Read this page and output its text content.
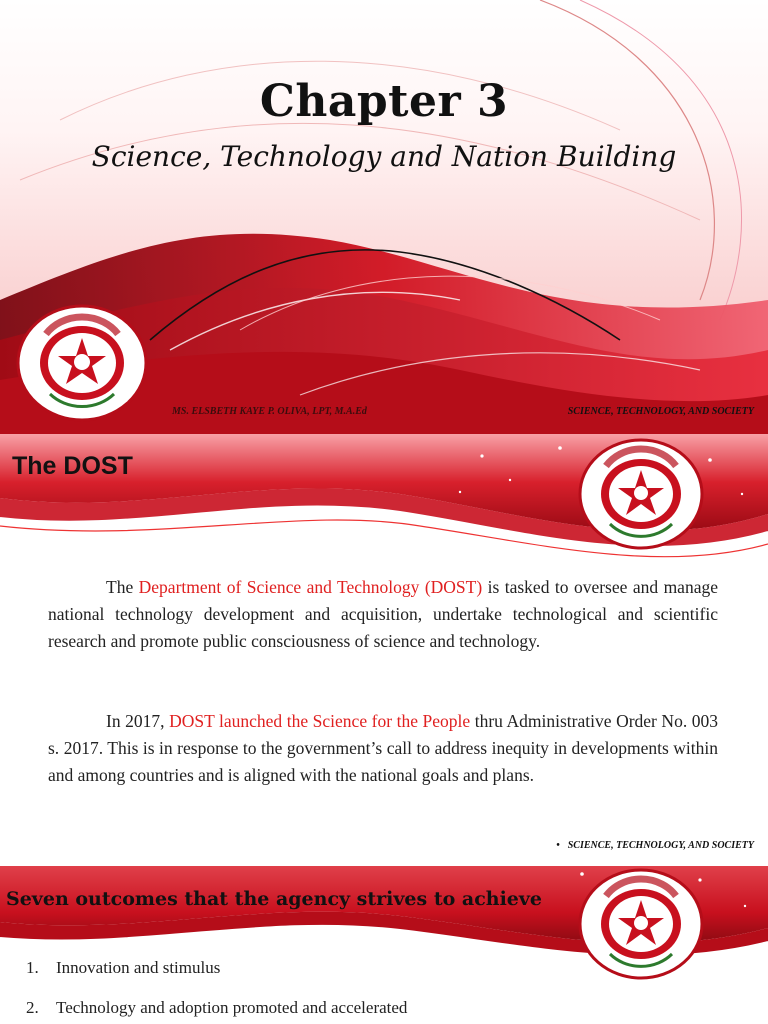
Chapter 3
Science, Technology and Nation Building
MS. ELSBETH KAYE P. OLIVA, LPT, M.A.Ed	SCIENCE, TECHNOLOGY, AND SOCIETY
The DOST
The Department of Science and Technology (DOST) is tasked to oversee and manage national technology development and acquisition, undertake technological and scientific research and promote public consciousness of science and technology.
In 2017, DOST launched the Science for the People thru Administrative Order No. 003 s. 2017. This is in response to the government’s call to address inequity in developments within and among countries and is aligned with the national goals and plans.
• SCIENCE, TECHNOLOGY, AND SOCIETY
Seven outcomes that the agency strives to achieve
1. Innovation and stimulus
2. Technology and adoption promoted and accelerated
